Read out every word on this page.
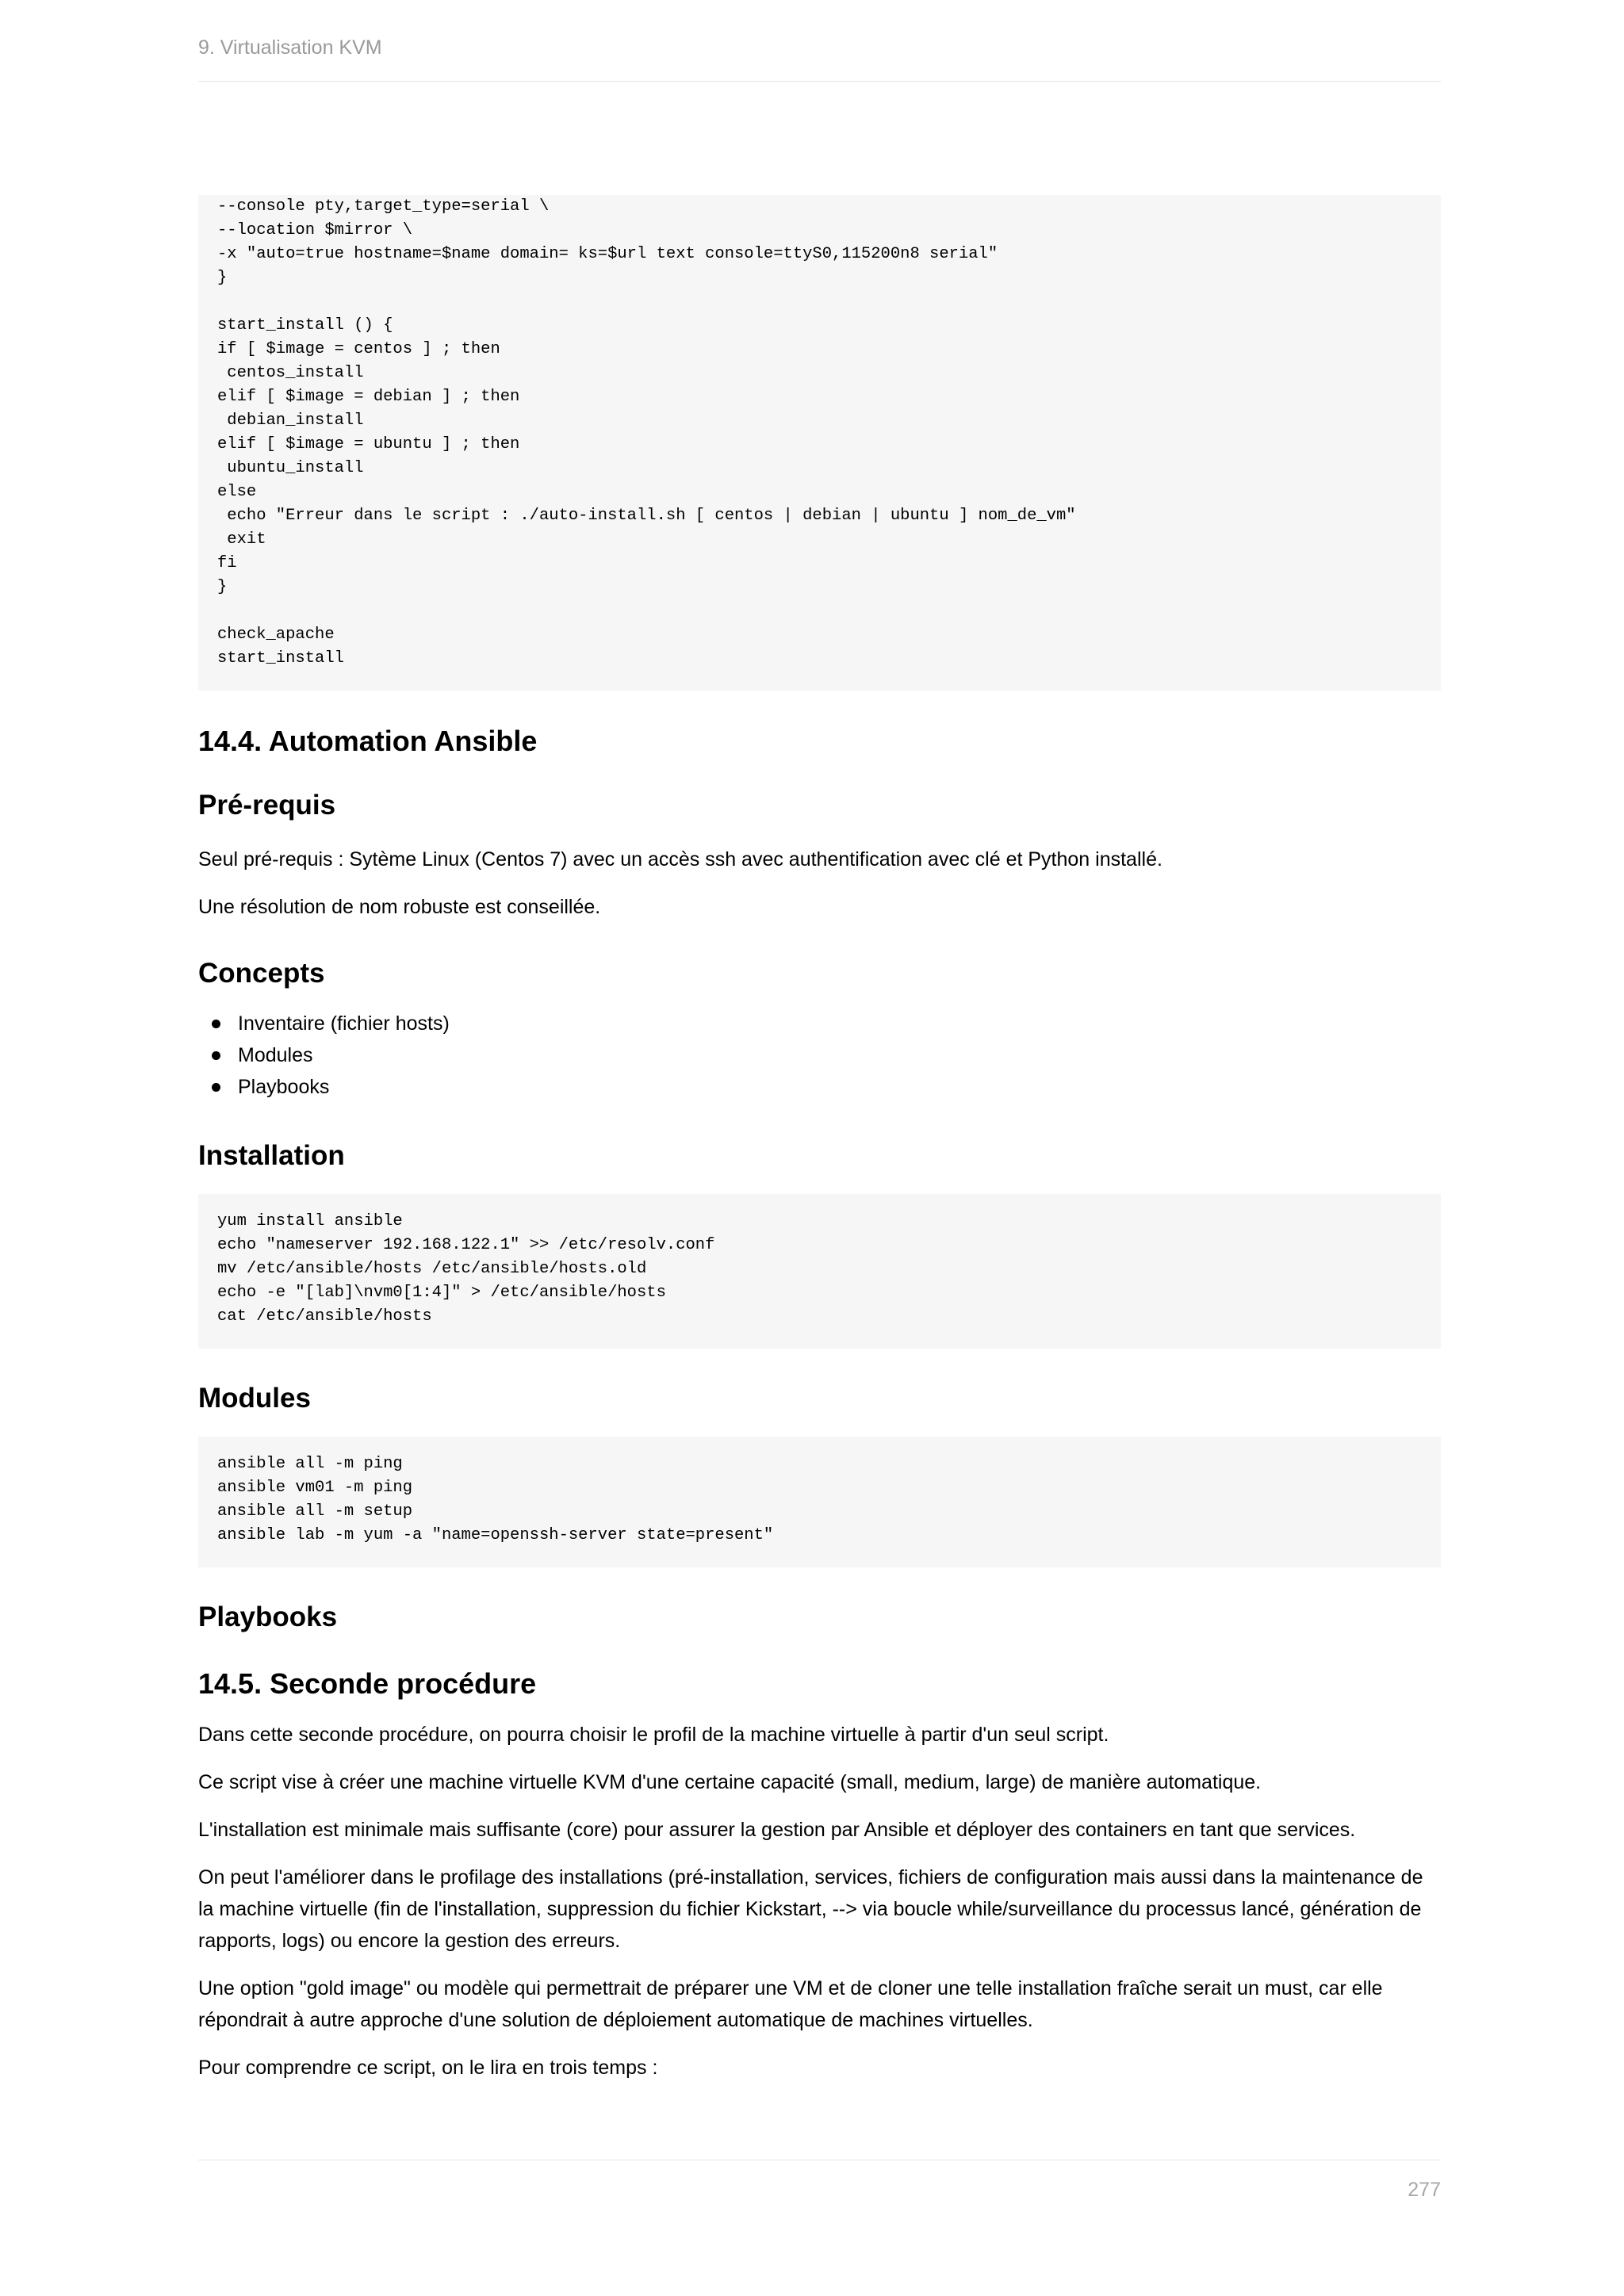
9. Virtualisation KVM
--console pty,target_type=serial \
--location $mirror \
-x "auto=true hostname=$name domain= ks=$url text console=ttyS0,115200n8 serial"
}

start_install () {
if [ $image = centos ] ; then
centos_install
elif [ $image = debian ] ; then
debian_install
elif [ $image = ubuntu ] ; then
ubuntu_install
else
echo "Erreur dans le script : ./auto-install.sh [ centos | debian | ubuntu ] nom_de_vm"
exit
fi
}

check_apache
start_install
14.4. Automation Ansible
Pré-requis

Seul pré-requis : Sytème Linux (Centos 7) avec un accès ssh avec authentification avec clé et Python installé.

Une résolution de nom robuste est conseillée.

Concepts
Inventaire (fichier hosts)
Modules
Playbooks
Installation
yum install ansible
echo "nameserver 192.168.122.1" >> /etc/resolv.conf
mv /etc/ansible/hosts /etc/ansible/hosts.old
echo -e "[lab]\nvm0[1:4]" > /etc/ansible/hosts
cat /etc/ansible/hosts
Modules
ansible all -m ping
ansible vm01 -m ping
ansible all -m setup
ansible lab -m yum -a "name=openssh-server state=present"
Playbooks
14.5. Seconde procédure

Dans cette seconde procédure, on pourra choisir le profil de la machine virtuelle à partir d'un seul script.

Ce script vise à créer une machine virtuelle KVM d'une certaine capacité (small, medium, large) de manière automatique.

L'installation est minimale mais suffisante (core) pour assurer la gestion par Ansible et déployer des containers en tant que services.

On peut l'améliorer dans le profilage des installations (pré-installation, services, fichiers de configuration mais aussi dans la maintenance de la machine virtuelle (fin de l'installation, suppression du fichier Kickstart, --> via boucle while/surveillance du processus lancé, génération de rapports, logs) ou encore la gestion des erreurs.

Une option "gold image" ou modèle qui permettrait de préparer une VM et de cloner une telle installation fraîche serait un must, car elle répondrait à autre approche d'une solution de déploiement automatique de machines virtuelles.

Pour comprendre ce script, on le lira en trois temps :

277
